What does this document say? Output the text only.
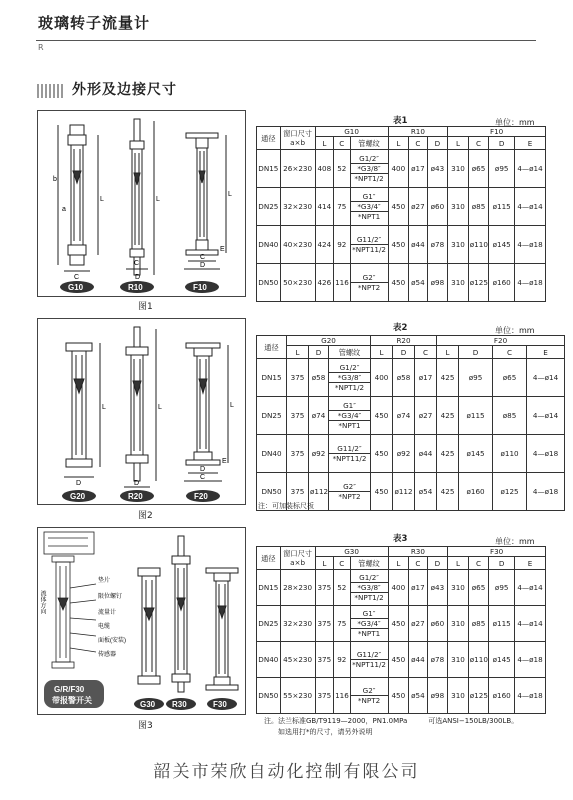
玻璃转子流量计
R
外形及边接尺寸
b
a
L
C
L
C
D
L
C
D
E
G10	R10	F10
图1
L
D
L
D
L
D
C
E
G20	R20	F20
图2
流体方向
垫片
限位螺钉
流量计
电缆
面板(安装)
传感器
G/R/F30
带报警开关	G30 R30	F30
图3
表1	单位：mm
通径	窗口尺寸
a×b	G10			R10			F10			
		L	C	管螺纹	L	C	D	L	C	D	E
DN15	26×230	408	52	G1/2″
*G3/8″
*NPT1/2	400	ø17	ø43	310	ø65	ø95	4—ø14
DN25	32×230	414	75	G1″
*G3/4″
*NPT1	450	ø27	ø60	310	ø85	ø115	4—ø14
DN40	40×230	424	92	G11/2″
*NPT11/2	450	ø44	ø78	310	ø110	ø145	4—ø18
DN50	50×230	426	116	G2″
*NPT2	450	ø54	ø98	310	ø125	ø160	4—ø18
表2	单位：mm
通径	G20			R20			F20			
	L	D	管螺纹	L	D	C	L	D	C	E
DN15	375	ø58	G1/2″
*G3/8″
*NPT1/2	400	ø58	ø17	425	ø95	ø65	4—ø14
DN25	375	ø74	G1″
*G3/4″
*NPT1	450	ø74	ø27	425	ø115	ø85	4—ø14
DN40	375	ø92	G11/2″
*NPT11/2	450	ø92	ø44	425	ø145	ø110	4—ø18
DN50	375	ø112	G2″
*NPT2	450	ø112	ø54	425	ø160	ø125	4—ø18
注：可加装标尺板
表3	单位：mm
通径	窗口尺寸
a×b	G30			R30			F30			
		L	C	管螺纹	L	C	D	L	C	D	E
DN15	28×230	375	52	G1/2″
*G3/8″
*NPT1/2	400	ø17	ø43	310	ø65	ø95	4—ø14
DN25	32×230	375	75	G1″
*G3/4″
*NPT1	450	ø27	ø60	310	ø85	ø115	4—ø14
DN40	45×230	375	92	G11/2″
*NPT11/2	450	ø44	ø78	310	ø110	ø145	4—ø18
DN50	55×230	375	116	G2″
*NPT2	450	ø54	ø98	310	ø125	ø160	4—ø18
注。法兰标准GB/T9119—2000，PN1.0MPa　　　可选ANSI−150LB/300LB。
　　如选用打*的尺寸，请另外说明
韶关市荣欣自动化控制有限公司
